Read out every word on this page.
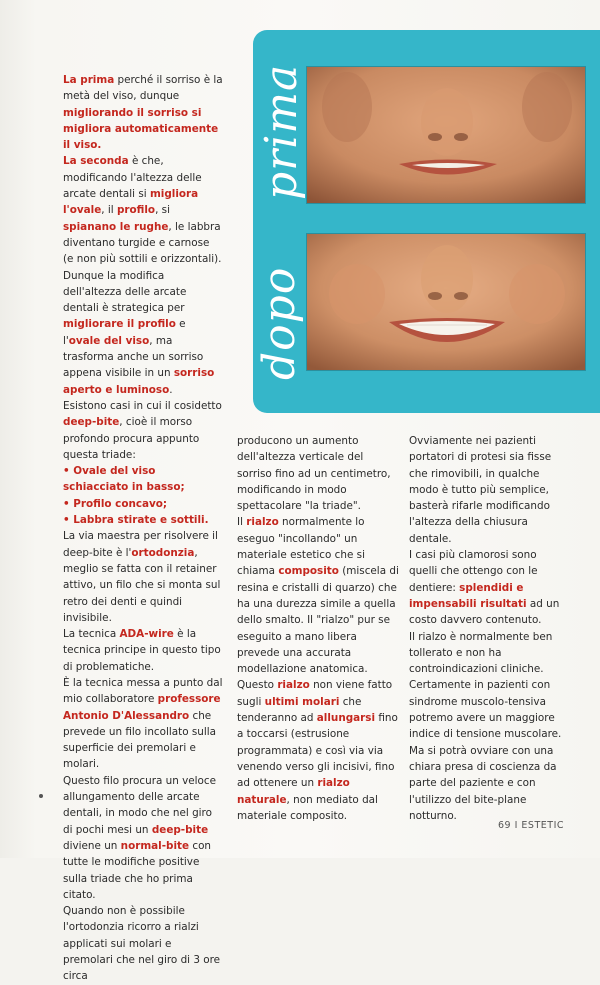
prima
dopo

La prima perché il sorriso è la metà del viso, dunque migliorando il sorriso si migliora automaticamente il viso.

La seconda è che, modificando l'altezza delle arcate dentali si migliora l'ovale, il profilo, si spianano le rughe, le labbra diventano turgide e carnose (e non più sottili e orizzontali).

Dunque la modifica dell'altezza delle arcate dentali è strategica per migliorare il profilo e l'ovale del viso, ma trasforma anche un sorriso appena visibile in un sorriso aperto e luminoso.

Esistono casi in cui il cosidetto deep-bite, cioè il morso profondo procura appunto questa triade:

• Ovale del viso schiacciato in basso;
• Profilo concavo;
• Labbra stirate e sottili.

La via maestra per risolvere il deep-bite è l'ortodonzia, meglio se fatta con il retainer attivo, un filo che si monta sul retro dei denti e quindi invisibile.

La tecnica ADA-wire è la tecnica principe in questo tipo di problematiche.

È la tecnica messa a punto dal mio collaboratore professore Antonio D'Alessandro che prevede un filo incollato sulla superficie dei premolari e molari.

Questo filo procura un veloce allungamento delle arcate dentali, in modo che nel giro di pochi mesi un deep-bite diviene un normal-bite con tutte le modifiche positive sulla triade che ho prima citato.

Quando non è possibile l'ortodonzia ricorro a rialzi applicati sui molari e premolari che nel giro di 3 ore circa

producono un aumento dell'altezza verticale del sorriso fino ad un centimetro, modificando in modo spettacolare "la triade".

Il rialzo normalmente lo eseguo "incollando" un materiale estetico che si chiama composito (miscela di resina e cristalli di quarzo) che ha una durezza simile a quella dello smalto. Il "rialzo" pur se eseguito a mano libera prevede una accurata modellazione anatomica.

Questo rialzo non viene fatto sugli ultimi molari che tenderanno ad allungarsi fino a toccarsi (estrusione programmata) e così via via venendo verso gli incisivi, fino ad ottenere un rialzo naturale, non mediato dal materiale composito.

Ovviamente nei pazienti portatori di protesi sia fisse che rimovibili, in qualche modo è tutto più semplice, basterà rifarle modificando l'altezza della chiusura dentale.

I casi più clamorosi sono quelli che ottengo con le dentiere: splendidi e impensabili risultati ad un costo davvero contenuto.

Il rialzo è normalmente ben tollerato e non ha controindicazioni cliniche.

Certamente in pazienti con sindrome muscolo-tensiva potremo avere un maggiore indice di tensione muscolare. Ma si potrà ovviare con una chiara presa di coscienza da parte del paziente e con l'utilizzo del bite-plane notturno.

69 I ESTETIC
